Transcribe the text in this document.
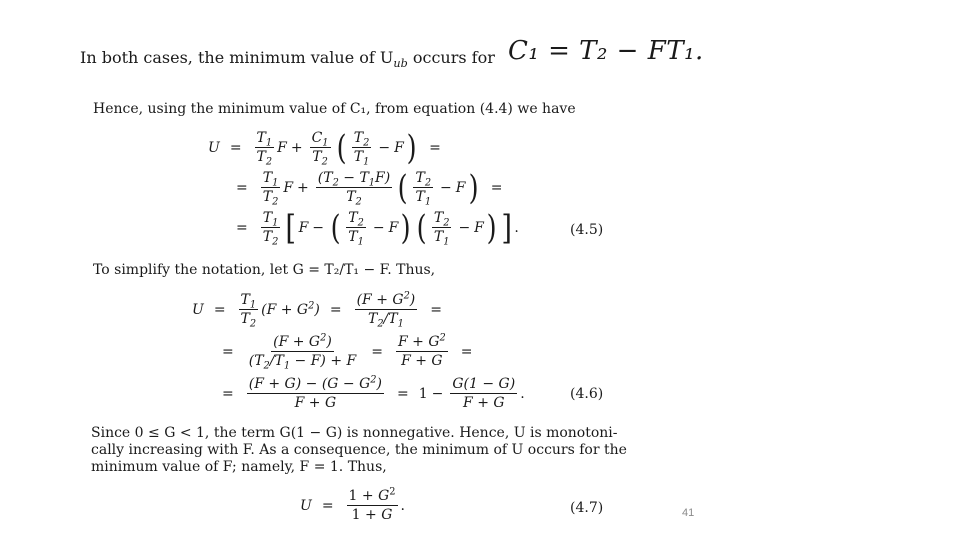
In both cases, the minimum value of $U_{ub}$ occurs for C₁ = T₂ − FT₁.
Hence, using the minimum value of C₁, from equation (4.4) we have
$U = \frac{T_1}{T_2}$ $F + \frac{C_1}{T_2}$ ( $\frac{T_2}{T_1} - F$ ) =
= $\frac{T_1}{T_2}$ $F + \frac{(T_2 - T_1F)}{T_2}$ ( $\frac{T_2}{T_1} - F$ ) =
= $\frac{T_1}{T_2}$ [ F − ( $\frac{T_2}{T_1} - F$ ) ( $\frac{T_2}{T_1} - F$ ) ] .	(4.5)
To simplify the notation, let G = T₂/T₁ − F. Thus,
$U = \frac{T_1}{T_2} (F + G^2) = \frac{(F + G^2)}{T_2/T_1}$ =
= $\frac{(F + G^2)}{(T_2/T_1 - F) + F} = \frac{F + G^2}{F + G}$ =
= $\frac{(F + G) - (G - G^2)}{F + G} = 1 - \frac{G(1 - G)}{F + G}$ .	(4.6)
Since 0 ≤ G < 1, the term G(1 − G) is nonnegative. Hence, U is monotoni-
cally increasing with F. As a consequence, the minimum of U occurs for the
minimum value of F; namely, F = 1. Thus,
$U = \frac{1 + G^2}{1 + G}$ .	(4.7)	41
